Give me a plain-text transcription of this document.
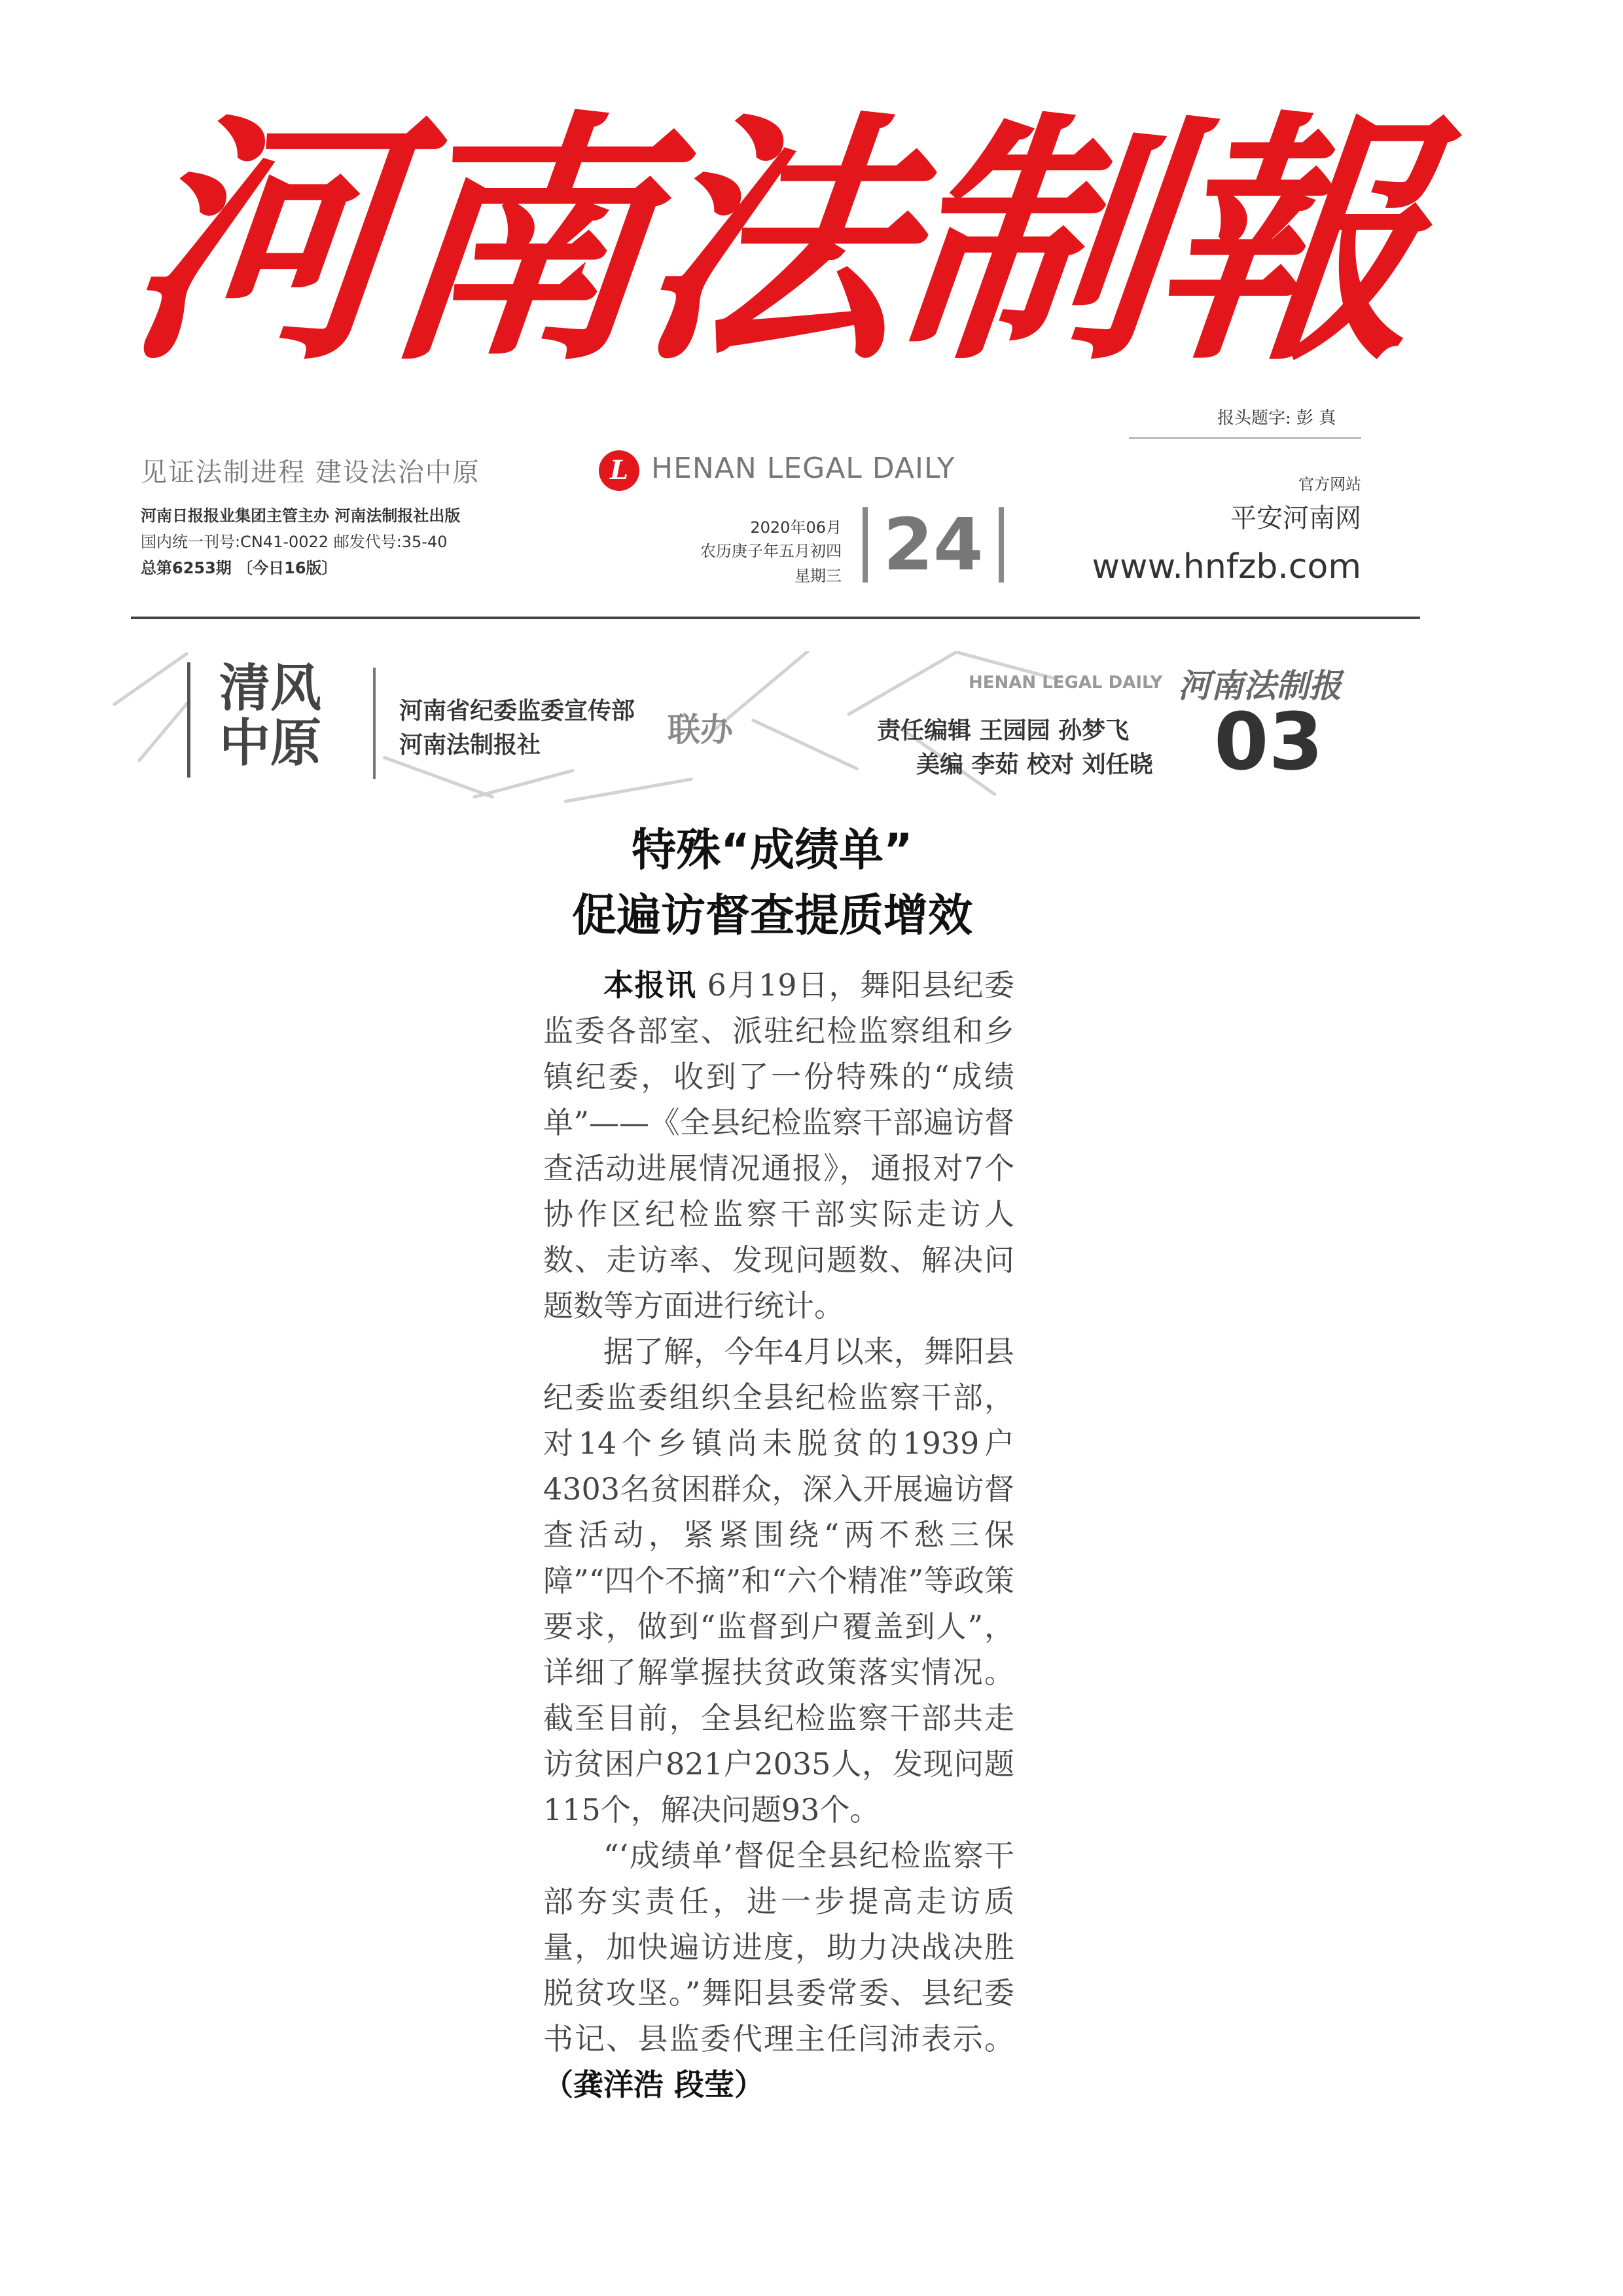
河南法制報
报头题字: 彭 真
见证法制进程 建设法治中原
河南日报报业集团主管主办 河南法制报社出版
国内统一刊号:CN41-0022 邮发代号:35-40
总第6253期 〔今日16版〕
L HENAN LEGAL DAILY
2020年06月
农历庚子年五月初四
星期三 24
官方网站
平安河南网
www.hnfzb.com
清风中原
河南省纪委监委宣传部
河南法制报社	联办
HENAN LEGAL DAILY 河南法制报
责任编辑 王园园 孙梦飞
美编 李茹 校对 刘任晓 03
特殊“成绩单”
促遍访督查提质增效

本报讯 6月19日，舞阳县纪委监委各部室、派驻纪检监察组和乡镇纪委，收到了一份特殊的“成绩单”——《全县纪检监察干部遍访督查活动进展情况通报》，通报对7个协作区纪检监察干部实际走访人数、走访率、发现问题数、解决问题数等方面进行统计。

据了解，今年4月以来，舞阳县纪委监委组织全县纪检监察干部，对14个乡镇尚未脱贫的1939户4303名贫困群众，深入开展遍访督查活动，紧紧围绕“两不愁三保障”“四个不摘”和“六个精准”等政策要求，做到“监督到户覆盖到人”，详细了解掌握扶贫政策落实情况。截至目前，全县纪检监察干部共走访贫困户821户2035人，发现问题115个，解决问题93个。

“‘成绩单’督促全县纪检监察干部夯实责任，进一步提高走访质量，加快遍访进度，助力决战决胜脱贫攻坚。”舞阳县委常委、县纪委书记、县监委代理主任闫沛表示。（龚洋浩 段莹）
